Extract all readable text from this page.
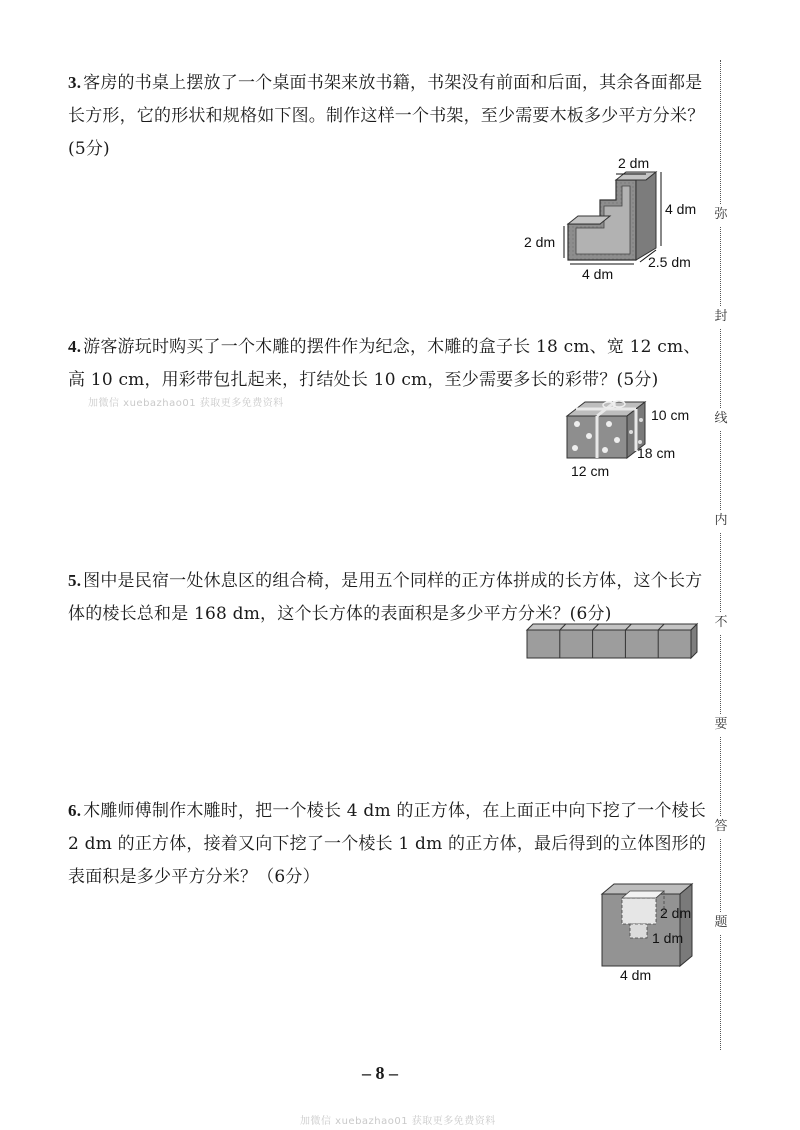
3. 客房的书桌上摆放了一个桌面书架来放书籍，书架没有前面和后面，其余各面都是长方形，它的形状和规格如下图。制作这样一个书架，至少需要木板多少平方分米？(5分)
2 dm
4 dm
2 dm
4 dm
2.5 dm
4. 游客游玩时购买了一个木雕的摆件作为纪念，木雕的盒子长 18 cm、宽 12 cm、高 10 cm，用彩带包扎起来，打结处长 10 cm，至少需要多长的彩带？(5分)
加微信 xuebazhao01 获取更多免费资料
10 cm
18 cm
12 cm
5. 图中是民宿一处休息区的组合椅，是用五个同样的正方体拼成的长方体，这个长方体的棱长总和是 168 dm，这个长方体的表面积是多少平方分米？(6分)
6. 木雕师傅制作木雕时，把一个棱长 4 dm 的正方体，在上面正中向下挖了一个棱长 2 dm 的正方体，接着又向下挖了一个棱长 1 dm 的正方体，最后得到的立体图形的表面积是多少平方分米？（6分）
2 dm
1 dm
4 dm
弥
封
线
内
不
要
答
题
– 8 –
加微信 xuebazhao01 获取更多免费资料
